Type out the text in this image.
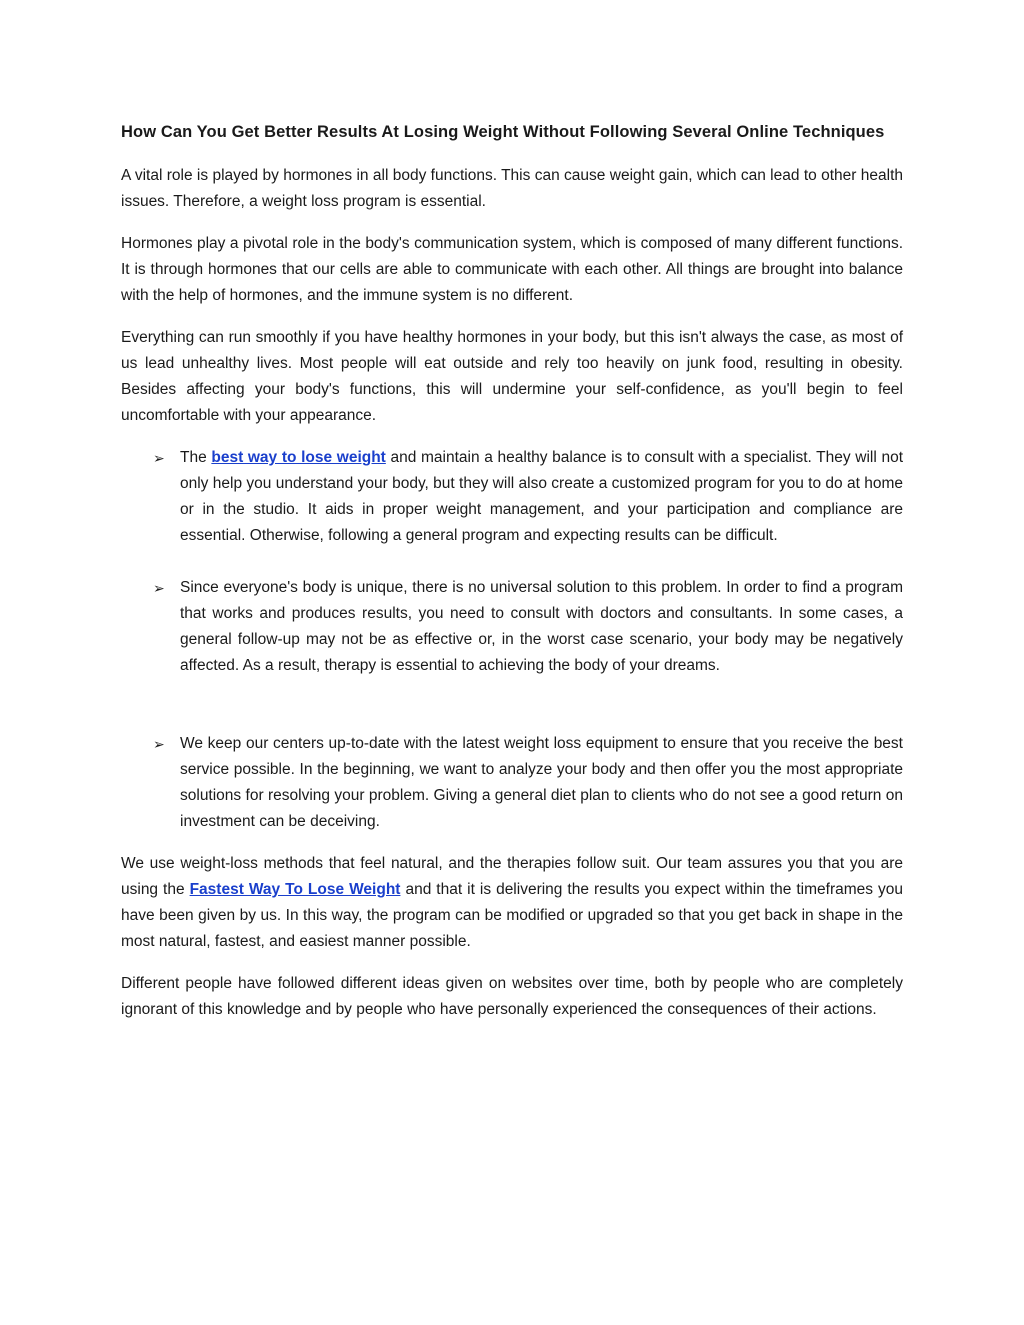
How Can You Get Better Results At Losing Weight Without Following Several Online Techniques

A vital role is played by hormones in all body functions. This can cause weight gain, which can lead to other health issues. Therefore, a weight loss program is essential.

Hormones play a pivotal role in the body's communication system, which is composed of many different functions. It is through hormones that our cells are able to communicate with each other. All things are brought into balance with the help of hormones, and the immune system is no different.

Everything can run smoothly if you have healthy hormones in your body, but this isn't always the case, as most of us lead unhealthy lives. Most people will eat outside and rely too heavily on junk food, resulting in obesity. Besides affecting your body's functions, this will undermine your self-confidence, as you'll begin to feel uncomfortable with your appearance.

➢ The best way to lose weight and maintain a healthy balance is to consult with a specialist. They will not only help you understand your body, but they will also create a customized program for you to do at home or in the studio. It aids in proper weight management, and your participation and compliance are essential. Otherwise, following a general program and expecting results can be difficult.
➢ Since everyone's body is unique, there is no universal solution to this problem. In order to find a program that works and produces results, you need to consult with doctors and consultants. In some cases, a general follow-up may not be as effective or, in the worst case scenario, your body may be negatively affected. As a result, therapy is essential to achieving the body of your dreams.
➢ We keep our centers up-to-date with the latest weight loss equipment to ensure that you receive the best service possible. In the beginning, we want to analyze your body and then offer you the most appropriate solutions for resolving your problem. Giving a general diet plan to clients who do not see a good return on investment can be deceiving.

We use weight-loss methods that feel natural, and the therapies follow suit. Our team assures you that you are using the Fastest Way To Lose Weight and that it is delivering the results you expect within the timeframes you have been given by us. In this way, the program can be modified or upgraded so that you get back in shape in the most natural, fastest, and easiest manner possible.

Different people have followed different ideas given on websites over time, both by people who are completely ignorant of this knowledge and by people who have personally experienced the consequences of their actions.
